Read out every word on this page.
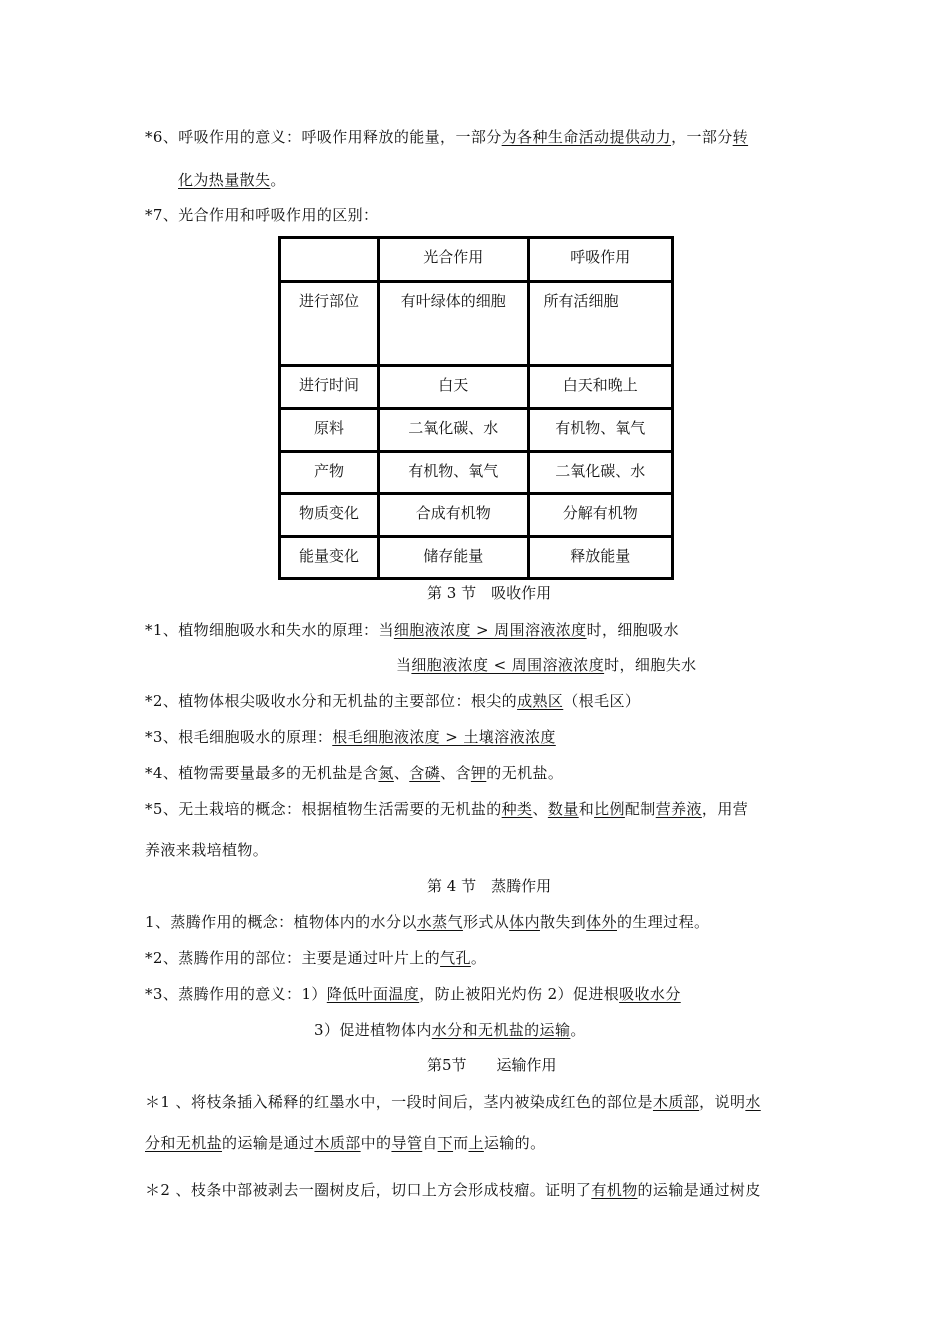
*6、呼吸作用的意义：呼吸作用释放的能量，一部分为各种生命活动提供动力，一部分转
化为热量散失。
*7、光合作用和呼吸作用的区别：

	光合作用	呼吸作用

进行部位	有叶绿体的细胞	所有活细胞

进行时间	白天	白天和晚上

原料	二氧化碳、水	有机物、氧气

产物	有机物、氧气	二氧化碳、水

物质变化	合成有机物	分解有机物

能量变化	储存能量	释放能量
第 3 节　吸收作用
*1、植物细胞吸水和失水的原理：当细胞液浓度 > 周围溶液浓度时，细胞吸水
当细胞液浓度 < 周围溶液浓度时，细胞失水
*2、植物体根尖吸收水分和无机盐的主要部位：根尖的成熟区（根毛区）
*3、根毛细胞吸水的原理：根毛细胞液浓度 > 土壤溶液浓度
*4、植物需要量最多的无机盐是含氮、含磷、含钾的无机盐。
*5、无土栽培的概念：根据植物生活需要的无机盐的种类、数量和比例配制营养液，用营
养液来栽培植物。
第 4 节　蒸腾作用
1、蒸腾作用的概念：植物体内的水分以水蒸气形式从体内散失到体外的生理过程。
*2、蒸腾作用的部位：主要是通过叶片上的气孔。
*3、蒸腾作用的意义：1）降低叶面温度，防止被阳光灼伤 2）促进根吸收水分
3）促进植物体内水分和无机盐的运输。
第5节　　运输作用
＊1 、将枝条插入稀释的红墨水中，一段时间后，茎内被染成红色的部位是木质部，说明水
分和无机盐的运输是通过木质部中的导管自下而上运输的。
＊2 、枝条中部被剥去一圈树皮后，切口上方会形成枝瘤。证明了有机物的运输是通过树皮
